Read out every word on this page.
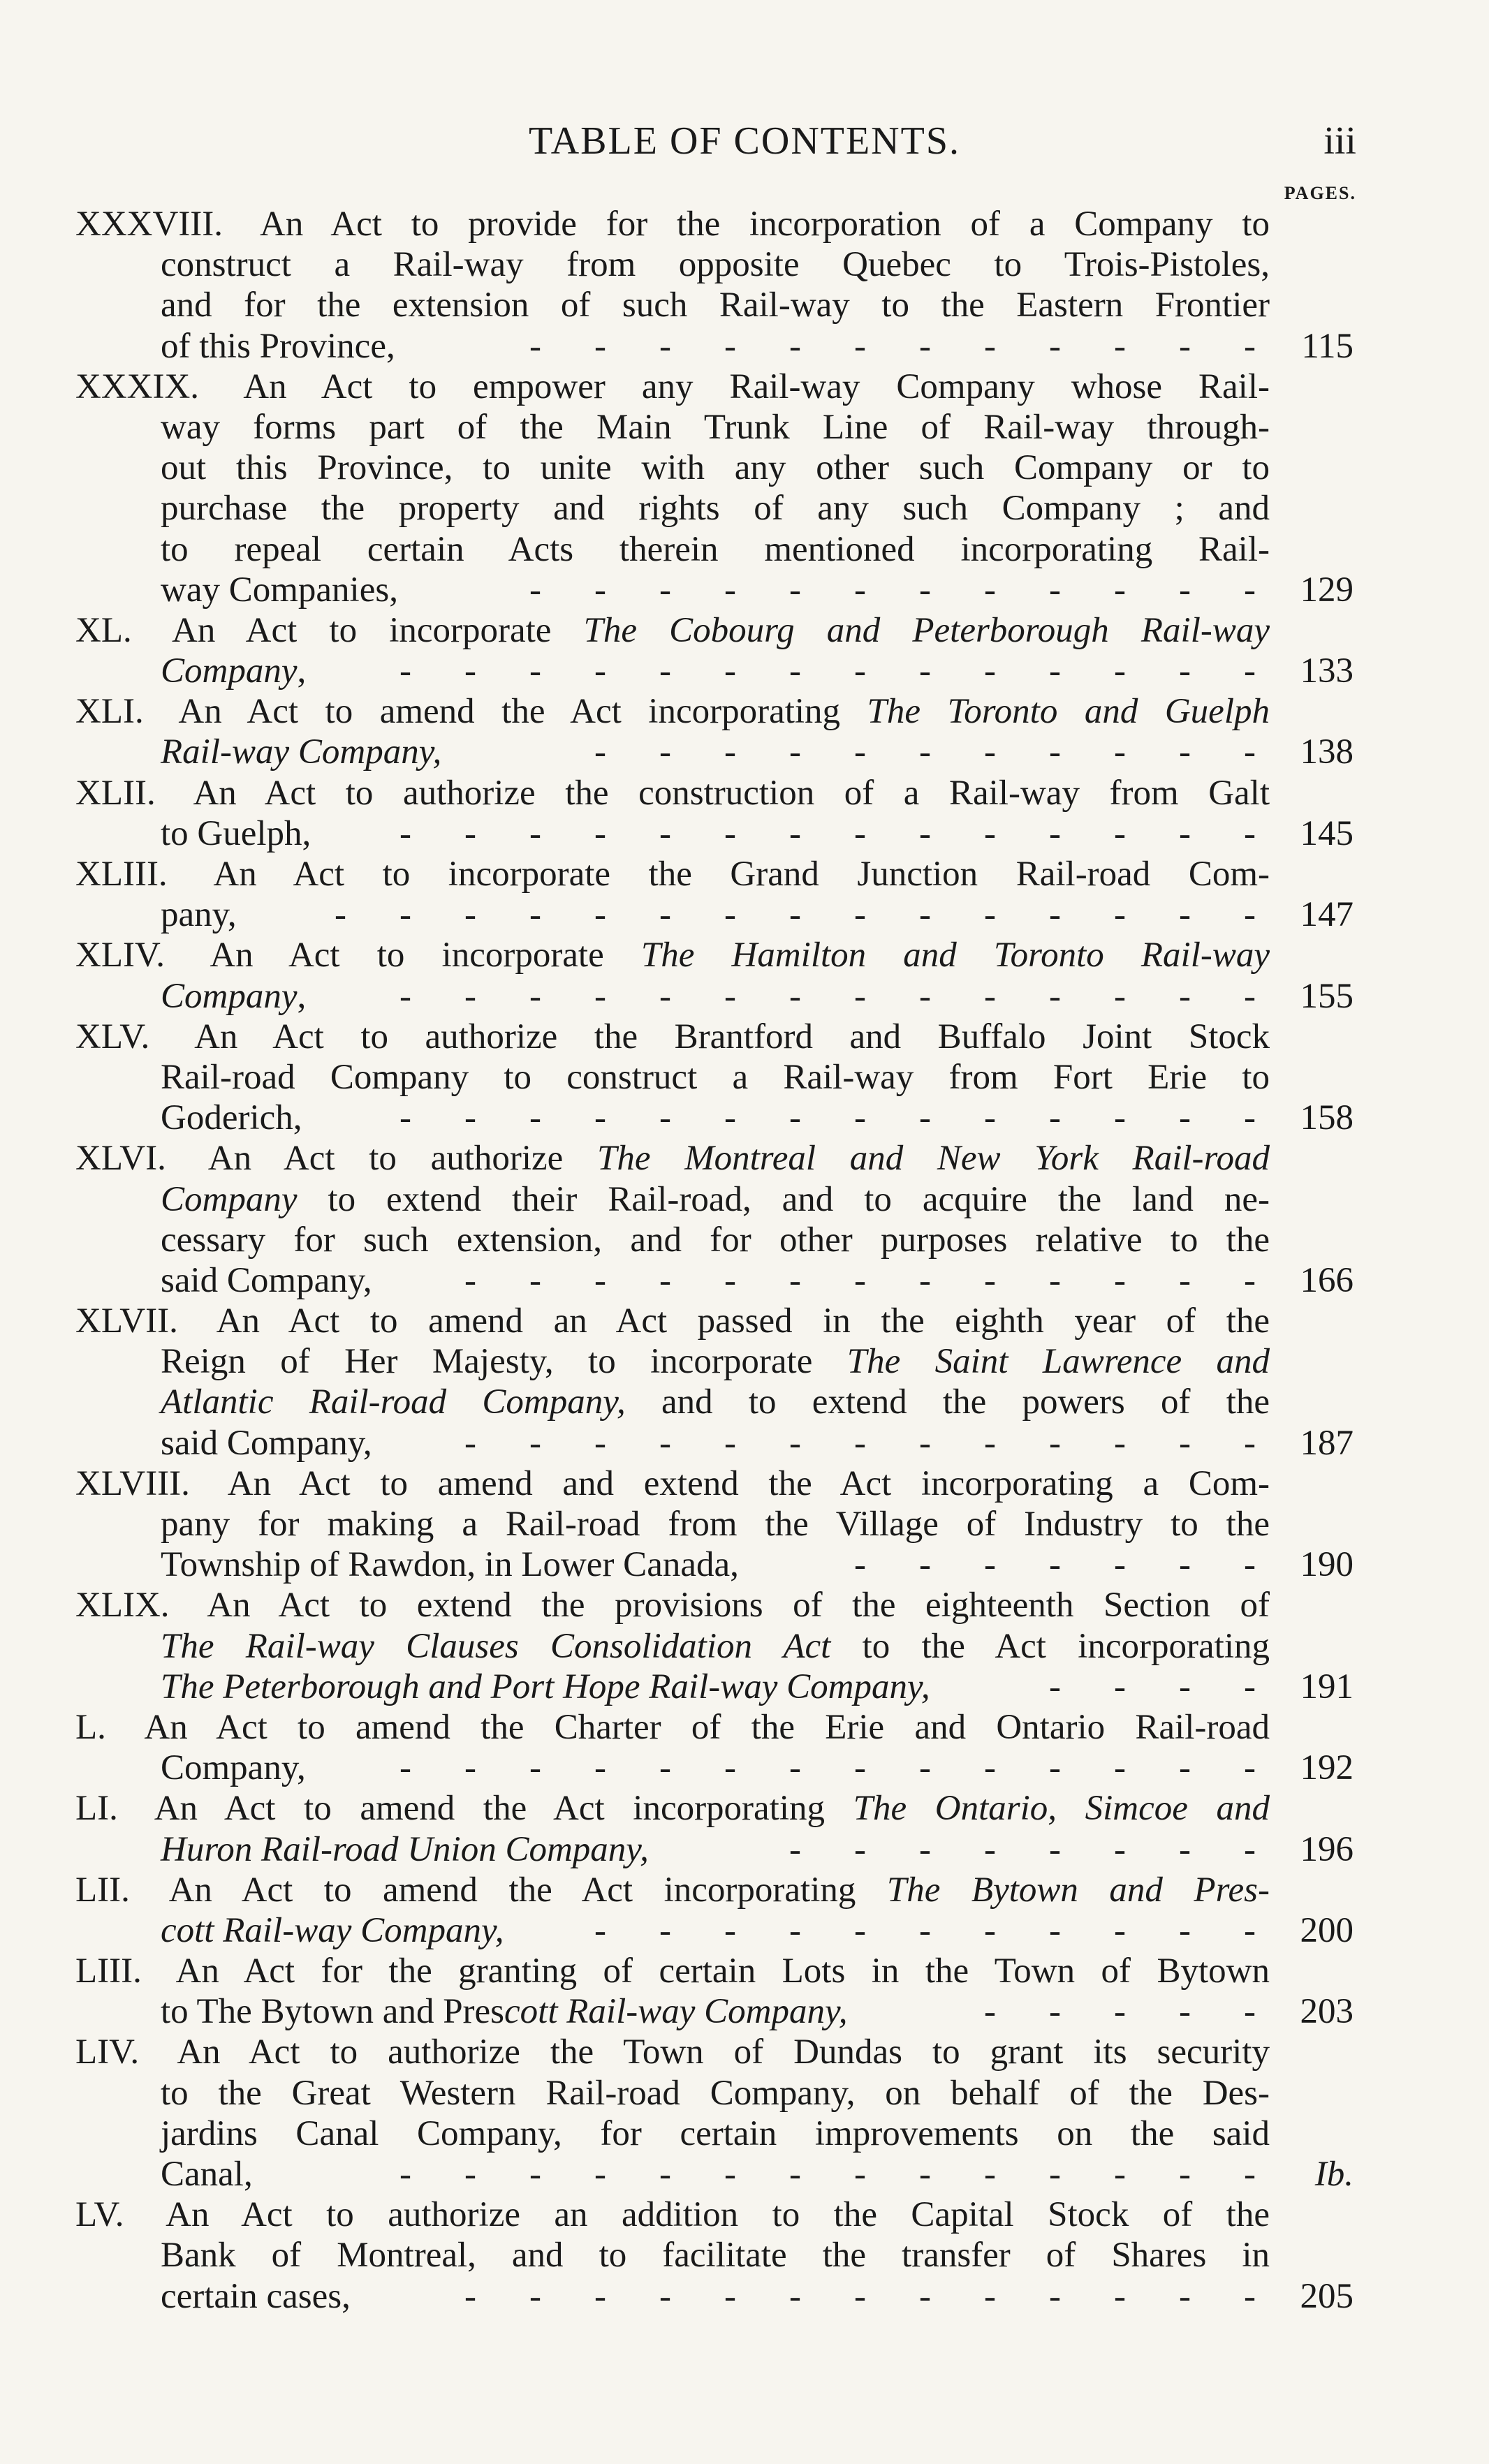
TABLE OF CONTENTS.	iii
PAGES.
XXXVIII. An Act to provide for the incorporation of a Company to
construct a Rail-way from opposite Quebec to Trois-Pistoles,
and for the extension of such Rail-way to the Eastern Frontier
of this Province,	- - - - - - - - - - - -	115
XXXIX. An Act to empower any Rail-way Company whose Rail-
way forms part of the Main Trunk Line of Rail-way through-
out this Province, to unite with any other such Company or to
purchase the property and rights of any such Company ; and
to repeal certain Acts therein mentioned incorporating Rail-
way Companies,	- - - - - - - - - - - -	129
XL. An Act to incorporate The Cobourg and Peterborough Rail-way
Company,	- - - - - - - - - - - - - -	133
XLI. An Act to amend the Act incorporating The Toronto and Guelph
Rail-way Company,	- - - - - - - - - - -	138
XLII. An Act to authorize the construction of a Rail-way from Galt
to Guelph,	- - - - - - - - - - - - - -	145
XLIII. An Act to incorporate the Grand Junction Rail-road Com-
pany,	- - - - - - - - - - - - - - -	147
XLIV. An Act to incorporate The Hamilton and Toronto Rail-way
Company,	- - - - - - - - - - - - - -	155
XLV. An Act to authorize the Brantford and Buffalo Joint Stock
Rail-road Company to construct a Rail-way from Fort Erie to
Goderich,	- - - - - - - - - - - - - -	158
XLVI. An Act to authorize The Montreal and New York Rail-road
Company to extend their Rail-road, and to acquire the land ne-
cessary for such extension, and for other purposes relative to the
said Company,	- - - - - - - - - - - - -	166
XLVII. An Act to amend an Act passed in the eighth year of the
Reign of Her Majesty, to incorporate The Saint Lawrence and
Atlantic Rail-road Company, and to extend the powers of the
said Company,	- - - - - - - - - - - - -	187
XLVIII. An Act to amend and extend the Act incorporating a Com-
pany for making a Rail-road from the Village of Industry to the
Township of Rawdon, in Lower Canada,	- - - - - - -	190
XLIX. An Act to extend the provisions of the eighteenth Section of
The Rail-way Clauses Consolidation Act to the Act incorporating
The Peterborough and Port Hope Rail-way Company,	- - - -	191
L. An Act to amend the Charter of the Erie and Ontario Rail-road
Company,	- - - - - - - - - - - - - -	192
LI. An Act to amend the Act incorporating The Ontario, Simcoe and
Huron Rail-road Union Company,	- - - - - - - -	196
LII. An Act to amend the Act incorporating The Bytown and Pres-
cott Rail-way Company,	- - - - - - - - - - -	200
LIII. An Act for the granting of certain Lots in the Town of Bytown
to The Bytown and Prescott Rail-way Company,	- - - - -	203
LIV. An Act to authorize the Town of Dundas to grant its security
to the Great Western Rail-road Company, on behalf of the Des-
jardins Canal Company, for certain improvements on the said
Canal,	- - - - - - - - - - - - - -	Ib.
LV. An Act to authorize an addition to the Capital Stock of the
Bank of Montreal, and to facilitate the transfer of Shares in
certain cases,	- - - - - - - - - - - - -	205
